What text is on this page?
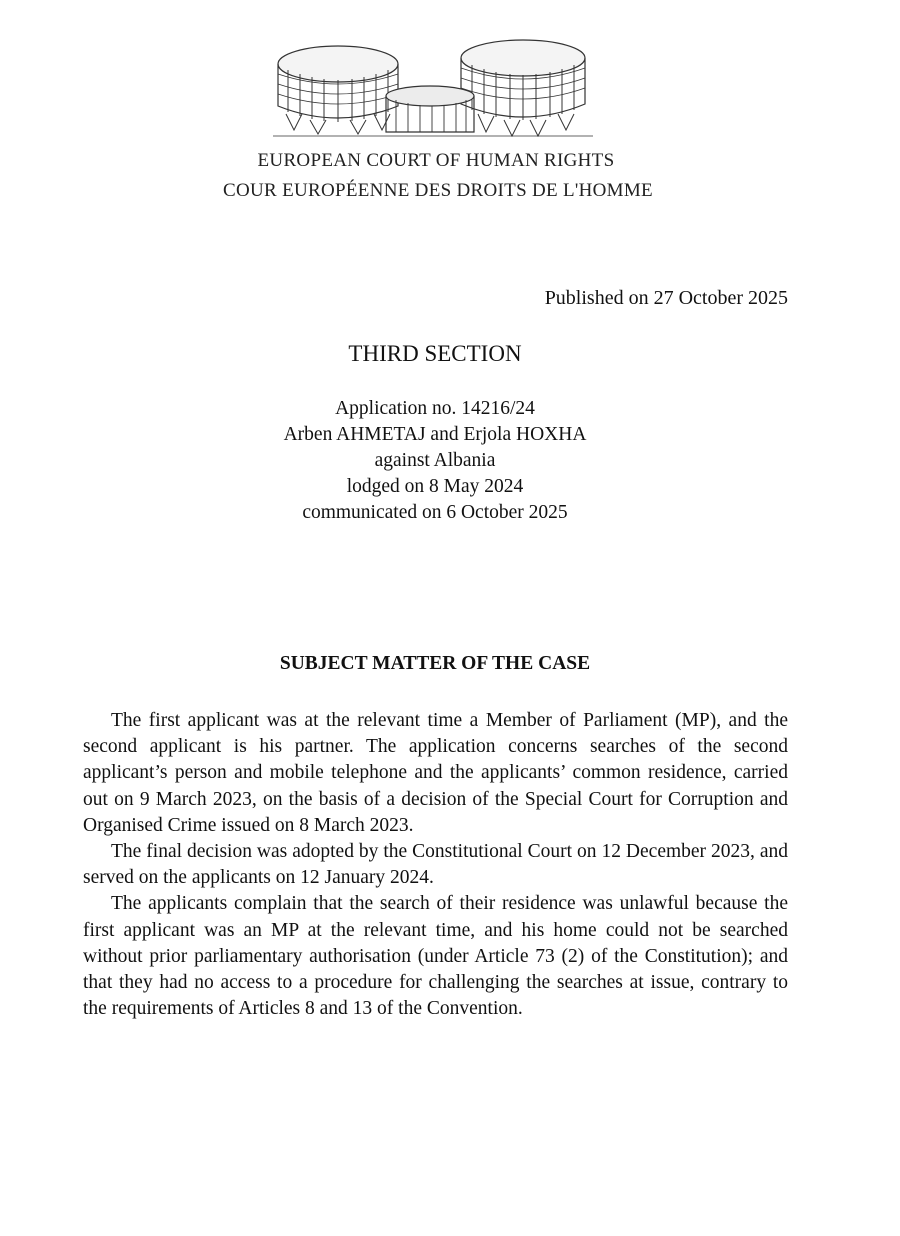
EUROPEAN COURT OF HUMAN RIGHTS
COUR EUROPÉENNE DES DROITS DE L'HOMME
Published on 27 October 2025
THIRD SECTION
Application no. 14216/24
Arben AHMETAJ and Erjola HOXHA
against Albania
lodged on 8 May 2024
communicated on 6 October 2025
SUBJECT MATTER OF THE CASE

The first applicant was at the relevant time a Member of Parliament (MP), and the second applicant is his partner. The application concerns searches of the second applicant’s person and mobile telephone and the applicants’ common residence, carried out on 9 March 2023, on the basis of a decision of the Special Court for Corruption and Organised Crime issued on 8 March 2023.

The final decision was adopted by the Constitutional Court on 12 December 2023, and served on the applicants on 12 January 2024.

The applicants complain that the search of their residence was unlawful because the first applicant was an MP at the relevant time, and his home could not be searched without prior parliamentary authorisation (under Article 73 (2) of the Constitution); and that they had no access to a procedure for challenging the searches at issue, contrary to the requirements of Articles 8 and 13 of the Convention.
